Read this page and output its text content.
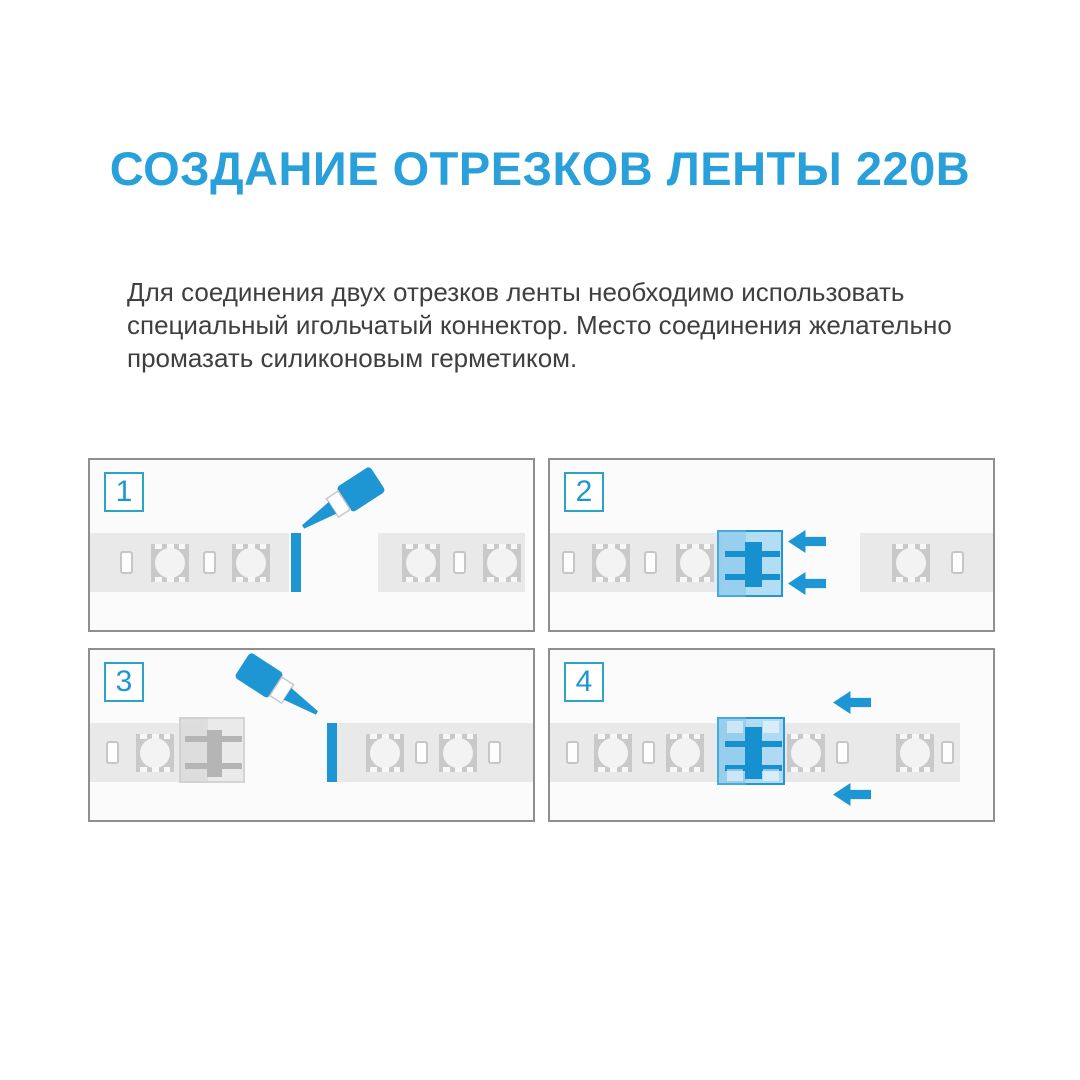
СОЗДАНИЕ ОТРЕЗКОВ ЛЕНТЫ 220В

Для соединения двух отрезков ленты необходимо использовать специальный игольчатый коннектор. Место соединения желательно промазать силиконовым герметиком.

1	2
3	4
